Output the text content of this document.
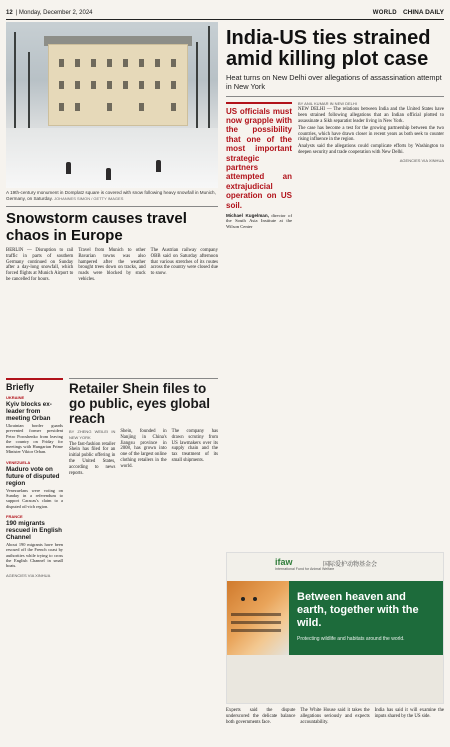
12 | Monday, December 2, 2024	WORLD CHINA DAILY

A 19th-century monument in Domplatz square is covered with snow following heavy snowfall in Munich, Germany, on Saturday. JOHANNES SIMON / GETTY IMAGES

Snowstorm causes travel chaos in Europe

BERLIN — Disruption to rail traffic in parts of southern Germany continued on Sunday after a day-long snowfall, which forced flights at Munich Airport to be cancelled for hours.

Travel from Munich to other Bavarian towns was also hampered after the weather brought trees down on tracks, and roads were blocked by stuck vehicles.

The Austrian railway company OBB said on Saturday afternoon that various stretches of its routes across the country were closed due to snow.

Briefly
UKRAINE
Kyiv blocks ex-leader from meeting Orban
Ukrainian border guards prevented former president Petro Poroshenko from leaving the country on Friday for meetings with Hungarian Prime Minister Viktor Orban.
VENEZUELA
Maduro vote on future of disputed region
Venezuelans were voting on Sunday in a referendum to support Caracas's claim to a disputed oil-rich region.
FRANCE
190 migrants rescued in English Channel
About 190 migrants have been rescued off the French coast by authorities while trying to cross the English Channel in small boats.
AGENCIES VIA XINHUA
Retailer Shein files to go public, eyes global reach

BY ZHENG WEILEI IN NEW YORK

The fast-fashion retailer Shein has filed for an initial public offering in the United States, according to news reports.

Shein, founded in Nanjing in China's Jiangsu province in 2008, has grown into one of the largest online clothing retailers in the world.

The company has drawn scrutiny from US lawmakers over its supply chain and the tax treatment of its small shipments.

India-US ties strained amid killing plot case

Heat turns on New Delhi over allegations of assassination attempt in New York

US officials must now grapple with the possibility that one of the most important strategic partners attempted an extrajudicial operation on US soil.

Michael Kugelman, director of the South Asia Institute at the Wilson Center

BY ANIL KUMAR IN NEW DELHI

NEW DELHI — The relations between India and the United States have been strained following allegations that an Indian official plotted to assassinate a Sikh separatist leader living in New York.

The case has become a test for the growing partnership between the two countries, which have drawn closer in recent years as both seek to counter rising influence in the region.

Analysts said the allegations could complicate efforts by Washington to deepen security and trade cooperation with New Delhi.

AGENCIES VIA XINHUA

ifaw
International Fund for Animal Welfare
国际爱护动物基金会

Between heaven and earth, together with the wild.

Protecting wildlife and habitats around the world.

Experts said the dispute underscored the delicate balance both governments face.

The White House said it takes the allegations seriously and expects accountability.

India has said it will examine the inputs shared by the US side.
